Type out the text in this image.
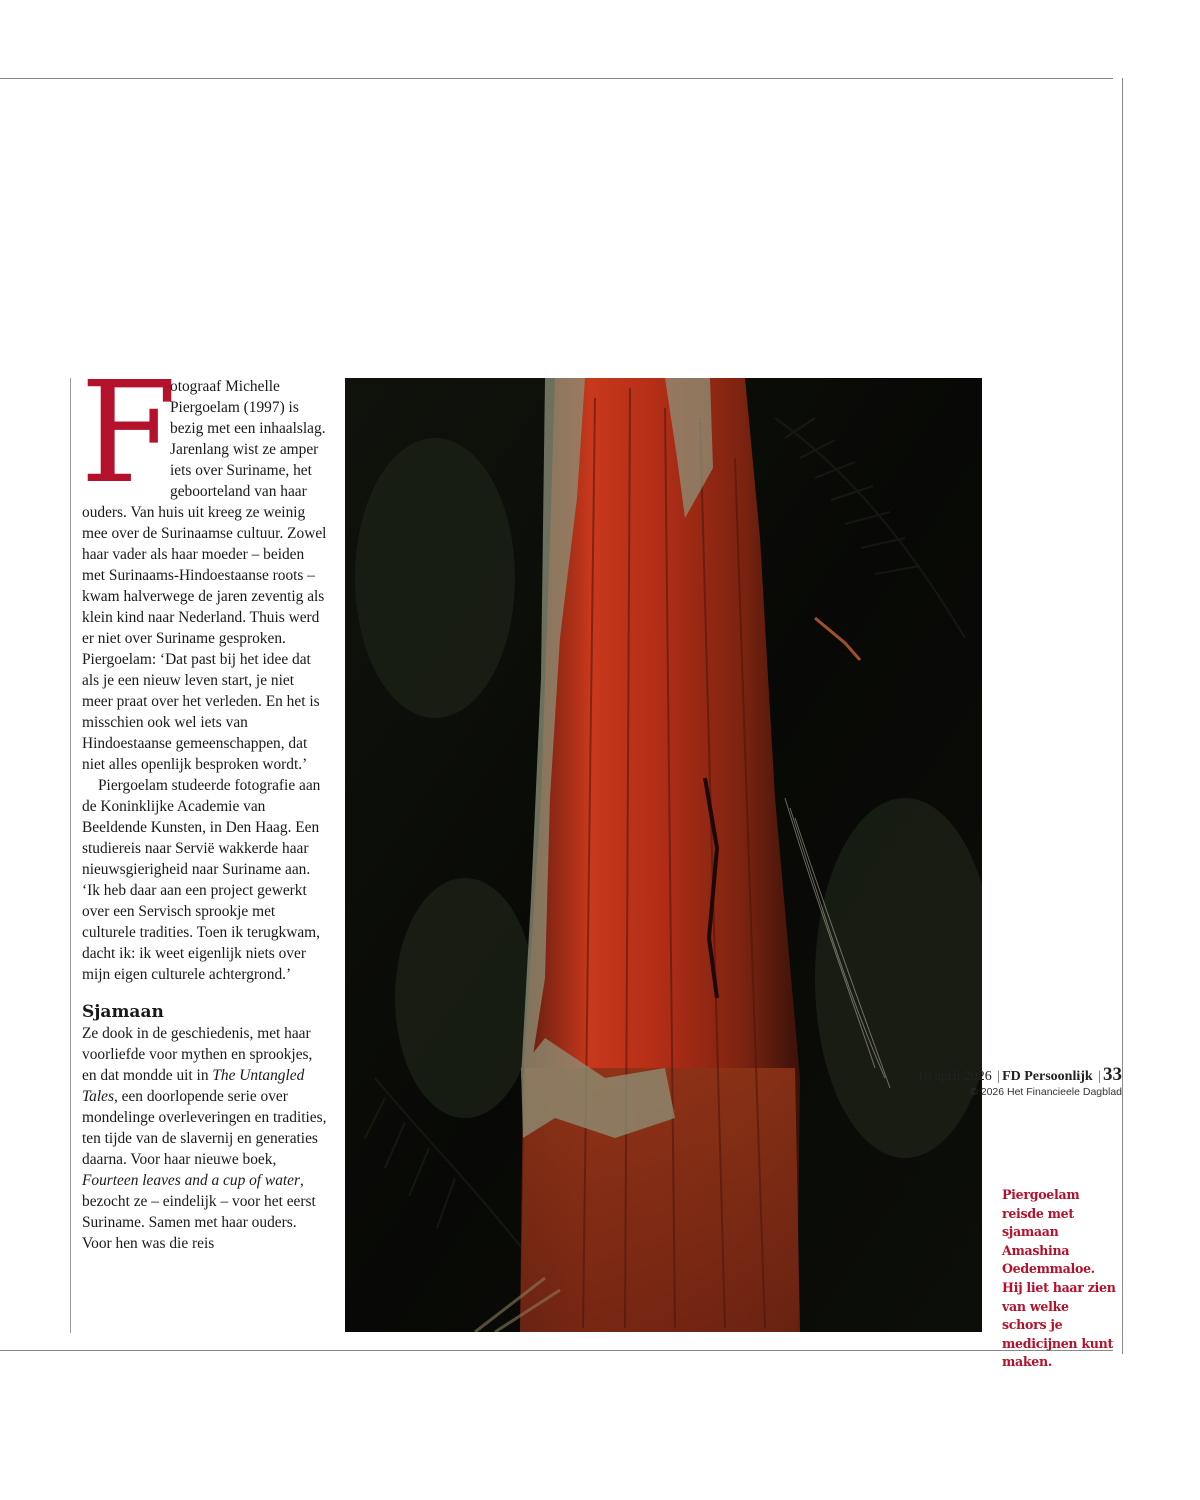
F

otograaf Michelle Piergoelam (1997) is bezig met een inhaalslag. Jarenlang wist ze amper iets over Suriname, het geboorteland van haar ouders. Van huis uit kreeg ze weinig mee over de Surinaamse cultuur. Zowel haar vader als haar moeder – beiden met Surinaams-Hindoestaanse roots – kwam halverwege de jaren zeventig als klein kind naar Nederland. Thuis werd er niet over Suriname gesproken. Piergoelam: ‘Dat past bij het idee dat als je een nieuw leven start, je niet meer praat over het verleden. En het is misschien ook wel iets van Hindoestaanse gemeenschappen, dat niet alles openlijk besproken wordt.’

Piergoelam studeerde fotografie aan de Koninklijke Academie van Beeldende Kunsten, in Den Haag. Een studiereis naar Servië wakkerde haar nieuwsgierigheid naar Suriname aan. ‘Ik heb daar aan een project gewerkt over een Servisch sprookje met culturele tradities. Toen ik terugkwam, dacht ik: ik weet eigenlijk niets over mijn eigen culturele achtergrond.’

Sjamaan

Ze dook in de geschiedenis, met haar voorliefde voor mythen en sprookjes, en dat mondde uit in The Untangled Tales, een doorlopende serie over mondelinge overleveringen en tradities, ten tijde van de slavernij en generaties daarna. Voor haar nieuwe boek, Fourteen leaves and a cup of water, bezocht ze – eindelijk – voor het eerst Suriname. Samen met haar ouders. Voor hen was die reis

Piergoelam reisde met sjamaan Amashina Oedemmaloe. Hij liet haar zien van welke schors je medicijnen kunt maken.
18 april 2026 | FD Persoonlijk | 33
© 2026 Het Financieele Dagblad
